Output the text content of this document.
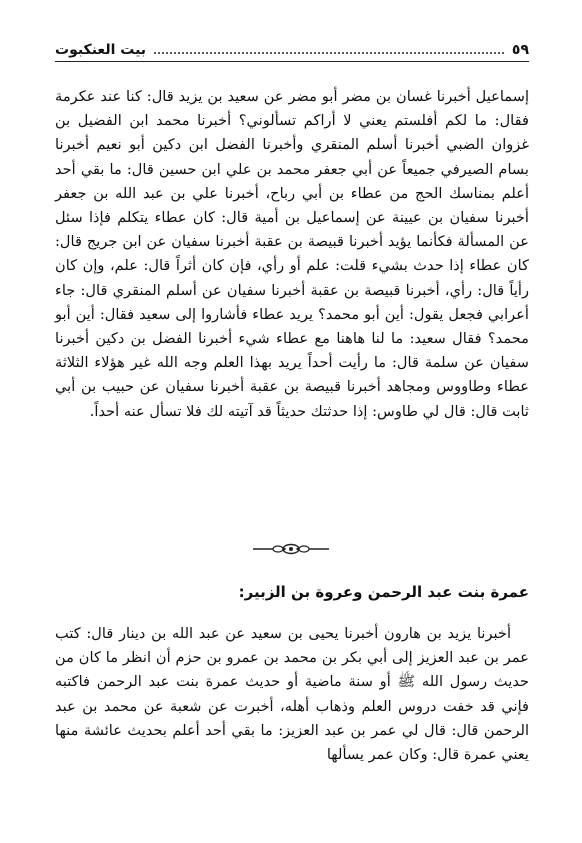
٥٩
بيت العنكبوت

إسماعيل أخبرنا غسان بن مضر أبو مضر عن سعيد بن يزيد قال: كنا عند عكرمة فقال: ما لكم أفلستم يعني لا أراكم تسألوني؟ أخبرنا محمد ابن الفضيل بن غزوان الضبي أخبرنا أسلم المنقري وأخبرنا الفضل ابن دكين أبو نعيم أخبرنا بسام الصيرفي جميعاً عن أبي جعفر محمد بن علي ابن حسين قال: ما بقي أحد أعلم بمناسك الحج من عطاء بن أبي رباح، أخبرنا علي بن عبد الله بن جعفر أخبرنا سفيان بن عيينة عن إسماعيل بن أمية قال: كان عطاء يتكلم فإذا سئل عن المسألة فكأنما يؤيد أخبرنا قبيصة بن عقبة أخبرنا سفيان عن ابن جريج قال: كان عطاء إذا حدث بشيء قلت: علم أو رأي، فإن كان أثراً قال: علم، وإن كان رأياً قال: رأي، أخبرنا قبيصة بن عقبة أخبرنا سفيان عن أسلم المنقري قال: جاء أعرابي فجعل يقول: أين أبو محمد؟ يريد عطاء فأشاروا إلى سعيد فقال: أين أبو محمد؟ فقال سعيد: ما لنا هاهنا مع عطاء شيء أخبرنا الفضل بن دكين أخبرنا سفيان عن سلمة قال: ما رأيت أحداً يريد بهذا العلم وجه الله غير هؤلاء الثلاثة عطاء وطاووس ومجاهد أخبرنا قبيصة بن عقبة أخبرنا سفيان عن حبيب بن أبي ثابت قال: قال لي طاوس: إذا حدثتك حديثاً قد آتيته لك فلا تسأل عنه أحداً.

عمرة بنت عبد الرحمن وعروة بن الزبير:

أخبرنا يزيد بن هارون أخبرنا يحيى بن سعيد عن عبد الله بن دينار قال: كتب عمر بن عبد العزيز إلى أبي بكر بن محمد بن عمرو بن حزم أن انظر ما كان من حديث رسول الله ﷺ أو سنة ماضية أو حديث عمرة بنت عبد الرحمن فاكتبه فإني قد خفت دروس العلم وذهاب أهله، أخبرت عن شعبة عن محمد بن عبد الرحمن قال: قال لي عمر بن عبد العزيز: ما بقي أحد أعلم بحديث عائشة منها يعني عمرة قال: وكان عمر يسألها
